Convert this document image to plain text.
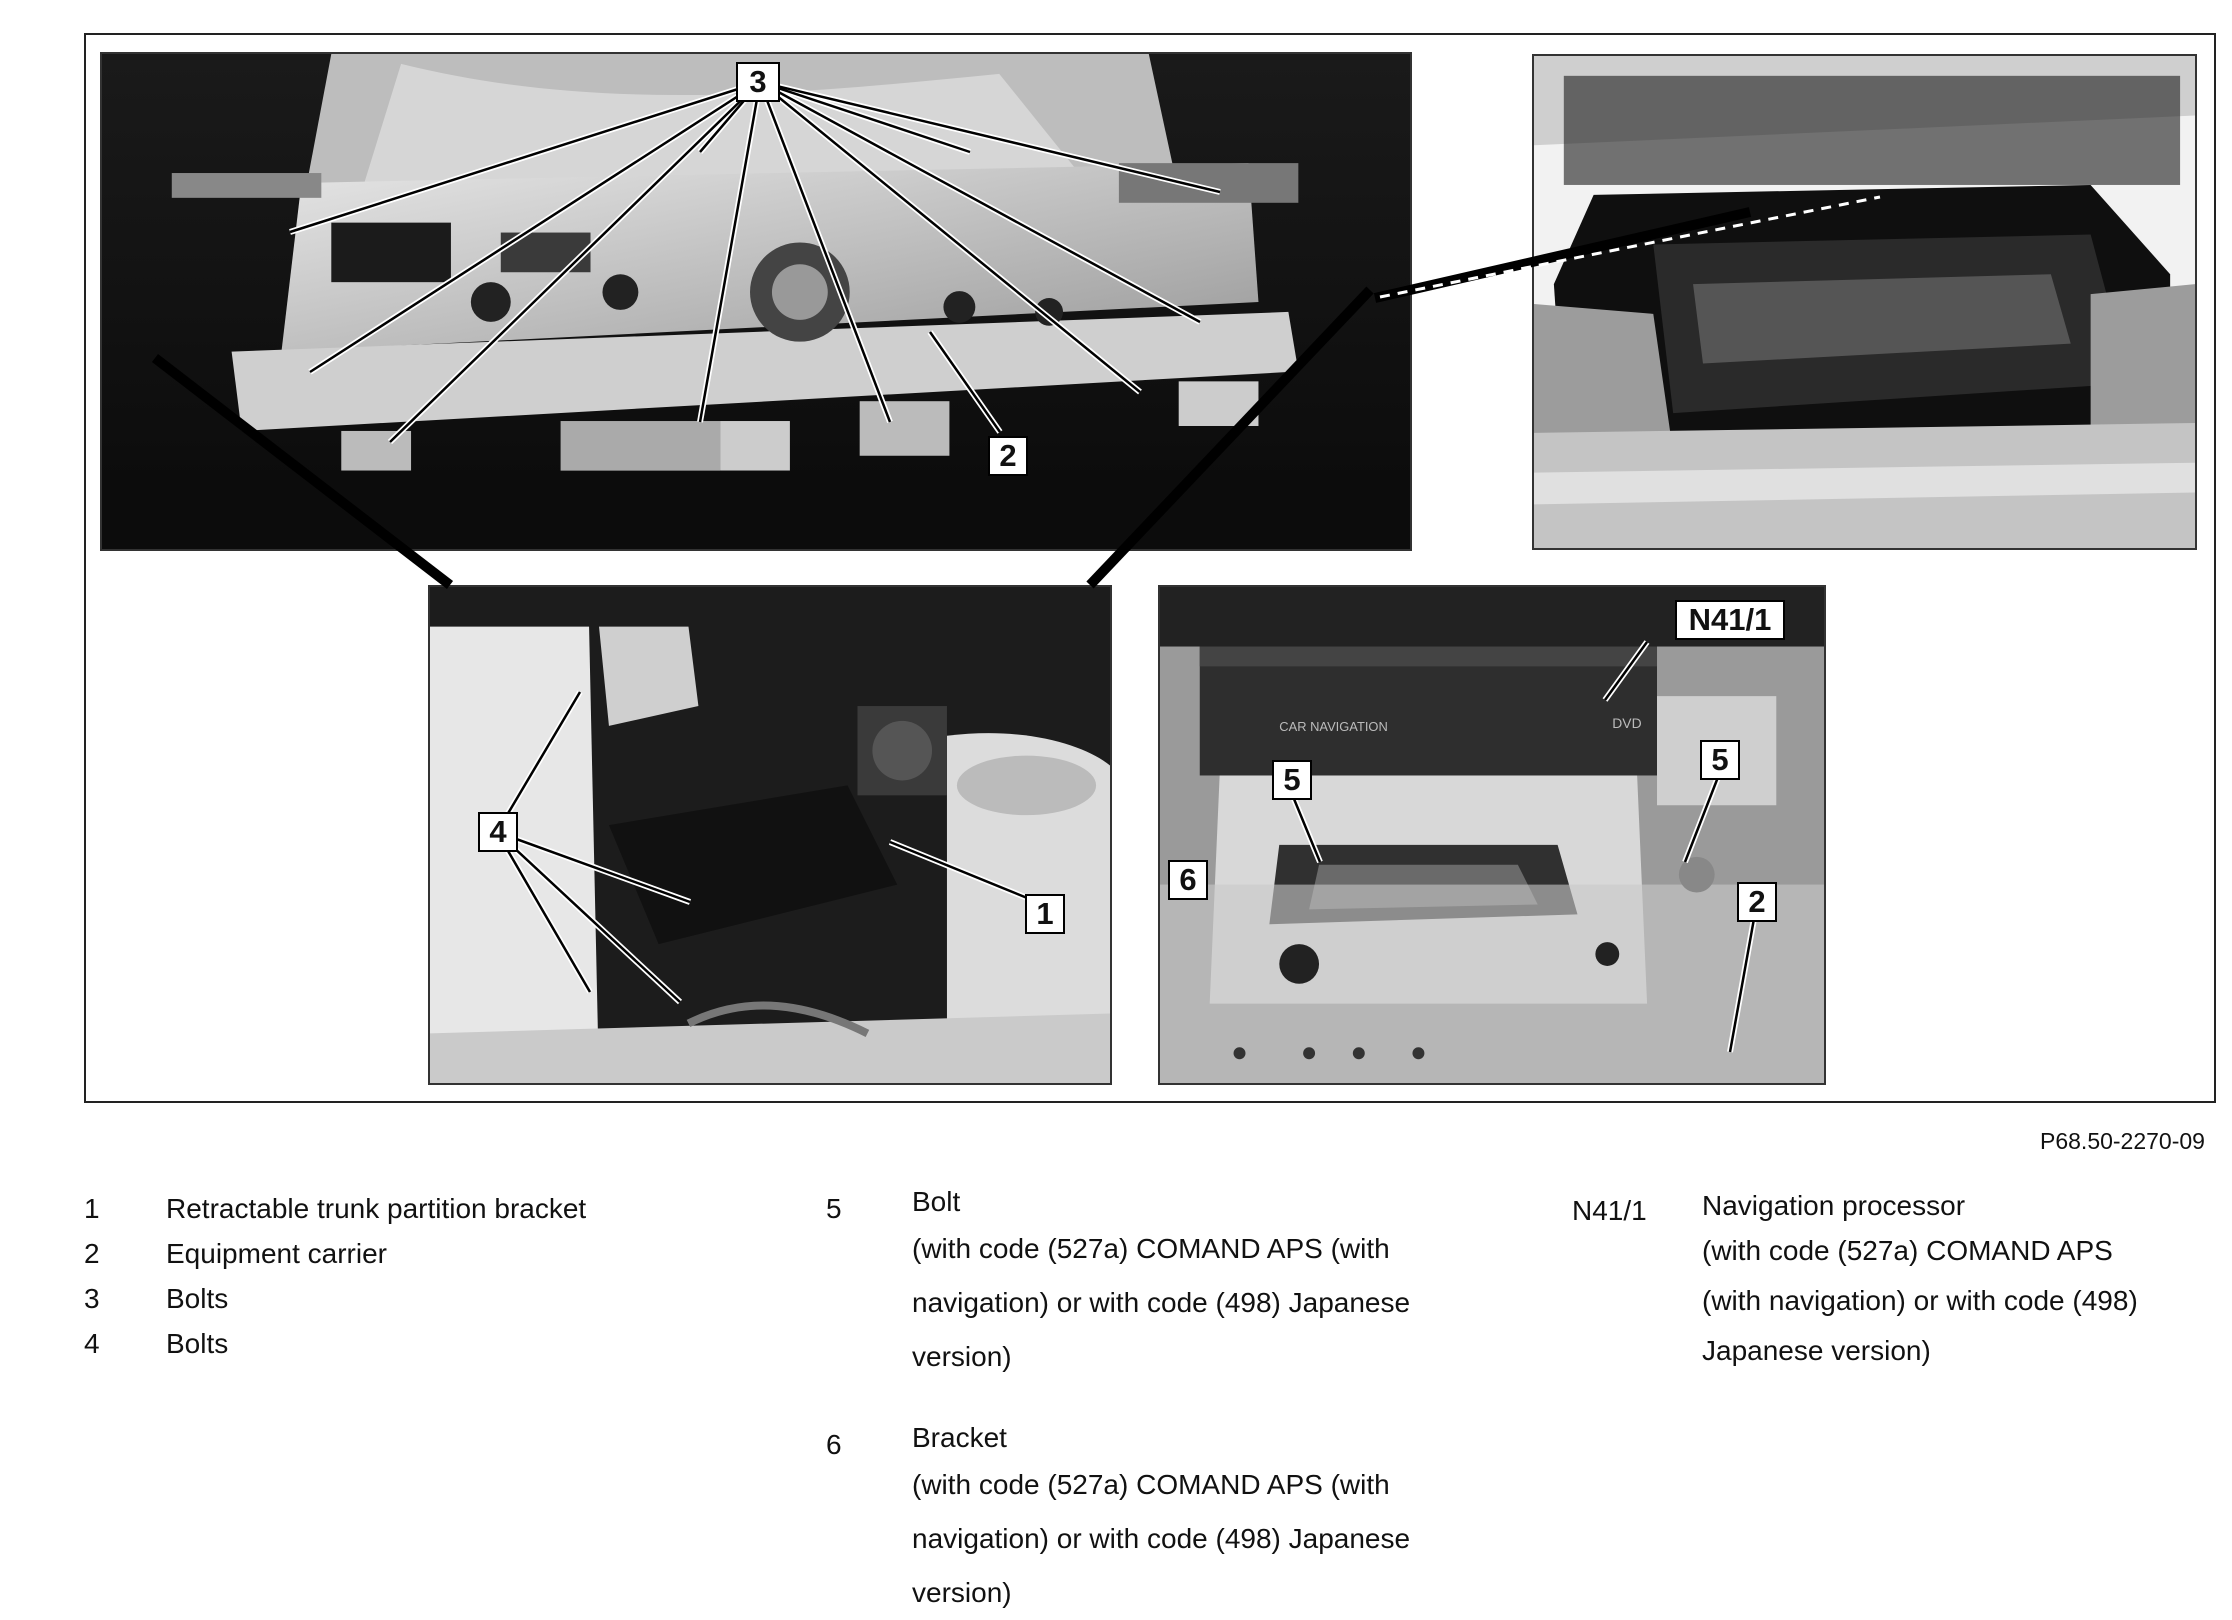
CAR NAVIGATION	DVD
3
2
1
4
N41/1
5
5
6
2
P68.50-2270-09
1	Retractable trunk partition bracket
2	Equipment carrier
3	Bolts
4	Bolts
5	Bolt
(with code (527a) COMAND APS (with
navigation) or with code (498) Japanese
version)
6	Bracket
(with code (527a) COMAND APS (with
navigation) or with code (498) Japanese
version)
N41/1	Navigation processor
(with code (527a) COMAND APS
(with navigation) or with code (498)
Japanese version)
